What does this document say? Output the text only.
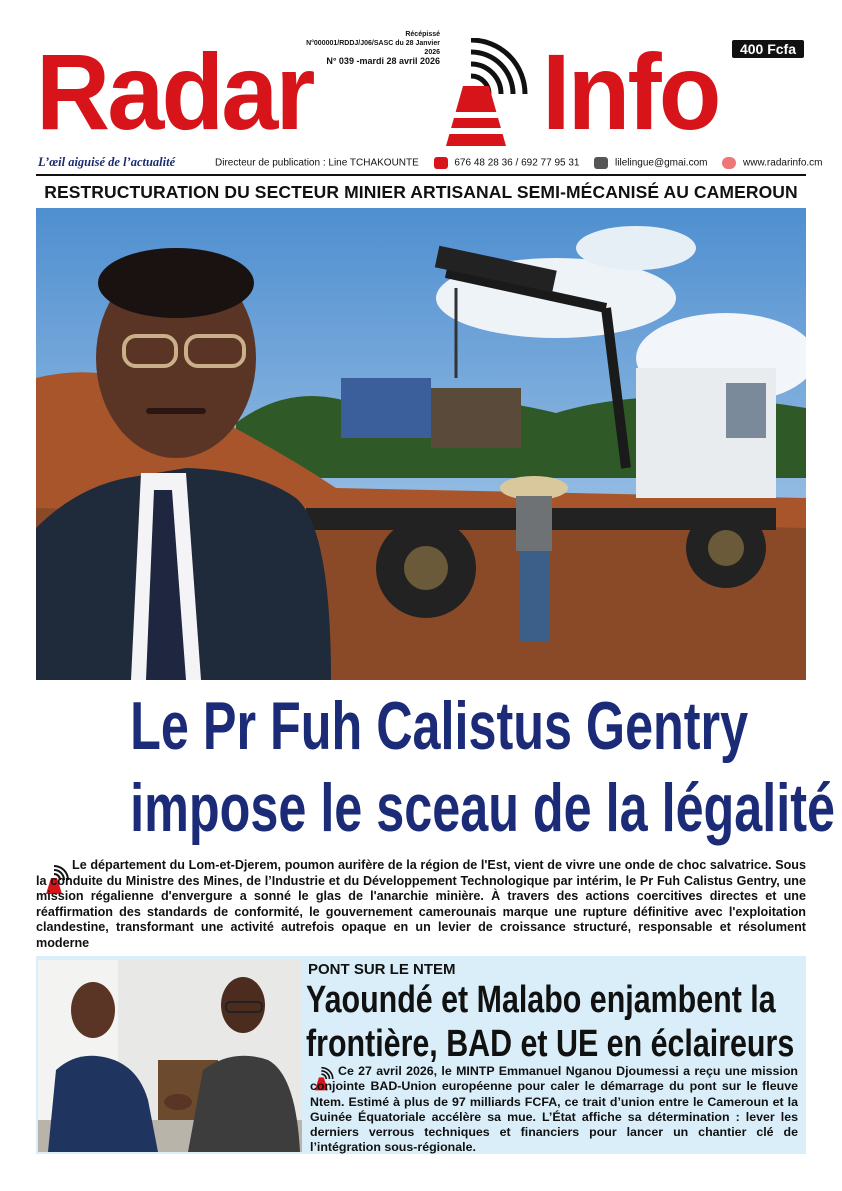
Radar Info
Récépissé
N°000001/RDDJ/J06/SASC du 28 Janvier 2026
N° 039 -mardi 28 avril 2026
400 Fcfa
L’œil aiguisé de l’actualité	Directeur de publication : Line TCHAKOUNTE	676 48 28 36 / 692 77 95 31	lilelingue@gmai.com	www.radarinfo.cm
RESTRUCTURATION DU SECTEUR MINIER ARTISANAL SEMI-MÉCANISÉ AU CAMEROUN
Le Pr Fuh Calistus Gentry
impose le sceau de la légalité
Le département du Lom-et-Djerem, poumon aurifère de la région de l'Est, vient de vivre une onde de choc salvatrice. Sous la conduite du Ministre des Mines, de l’Industrie et du Développement Technologique par intérim, le Pr Fuh Calistus Gentry, une mission régalienne d'envergure a sonné le glas de l'anarchie minière. À travers des actions coercitives directes et une réaffirmation des standards de conformité, le gouvernement camerounais marque une rupture définitive avec l'exploitation clandestine, transformant une activité autrefois opaque en un levier de croissance structuré, responsable et résolument moderne
PONT SUR LE NTEM
Yaoundé et Malabo enjambent la
frontière, BAD et UE en éclaireurs
Ce 27 avril 2026, le MINTP Emmanuel Nganou Djoumessi a reçu une mission conjointe BAD-Union européenne pour caler le démarrage du pont sur le fleuve Ntem. Estimé à plus de 97 milliards FCFA, ce trait d’union entre le Cameroun et la Guinée Équatoriale accélère sa mue. L’État affiche sa détermination : lever les derniers verrous techniques et financiers pour lancer un chantier clé de l’intégration sous-régionale.
